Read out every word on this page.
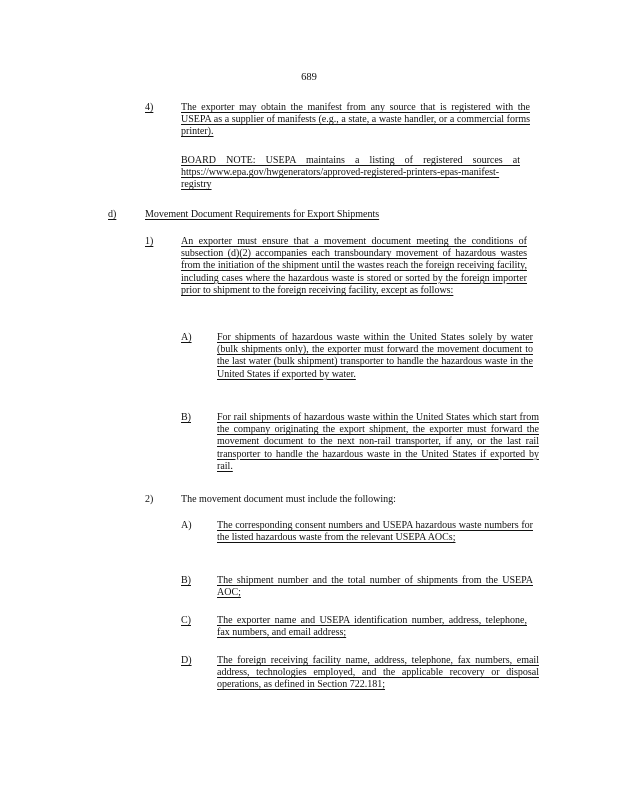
689
4)	The exporter may obtain the manifest from any source that is registered with the USEPA as a supplier of manifests (e.g., a state, a waste handler, or a commercial forms printer).
BOARD NOTE: USEPA maintains a listing of registered sources at https://www.epa.gov/hwgenerators/approved-registered-printers-epas-manifest-registry
d)	Movement Document Requirements for Export Shipments
1)	An exporter must ensure that a movement document meeting the conditions of subsection (d)(2) accompanies each transboundary movement of hazardous wastes from the initiation of the shipment until the wastes reach the foreign receiving facility, including cases where the hazardous waste is stored or sorted by the foreign importer prior to shipment to the foreign receiving facility, except as follows:
A)	For shipments of hazardous waste within the United States solely by water (bulk shipments only), the exporter must forward the movement document to the last water (bulk shipment) transporter to handle the hazardous waste in the United States if exported by water.
B)	For rail shipments of hazardous waste within the United States which start from the company originating the export shipment, the exporter must forward the movement document to the next non-rail transporter, if any, or the last rail transporter to handle the hazardous waste in the United States if exported by rail.
2)	The movement document must include the following:
A)	The corresponding consent numbers and USEPA hazardous waste numbers for the listed hazardous waste from the relevant USEPA AOCs;
B)	The shipment number and the total number of shipments from the USEPA AOC;
C)	The exporter name and USEPA identification number, address, telephone, fax numbers, and email address;
D)	The foreign receiving facility name, address, telephone, fax numbers, email address, technologies employed, and the applicable recovery or disposal operations, as defined in Section 722.181;
